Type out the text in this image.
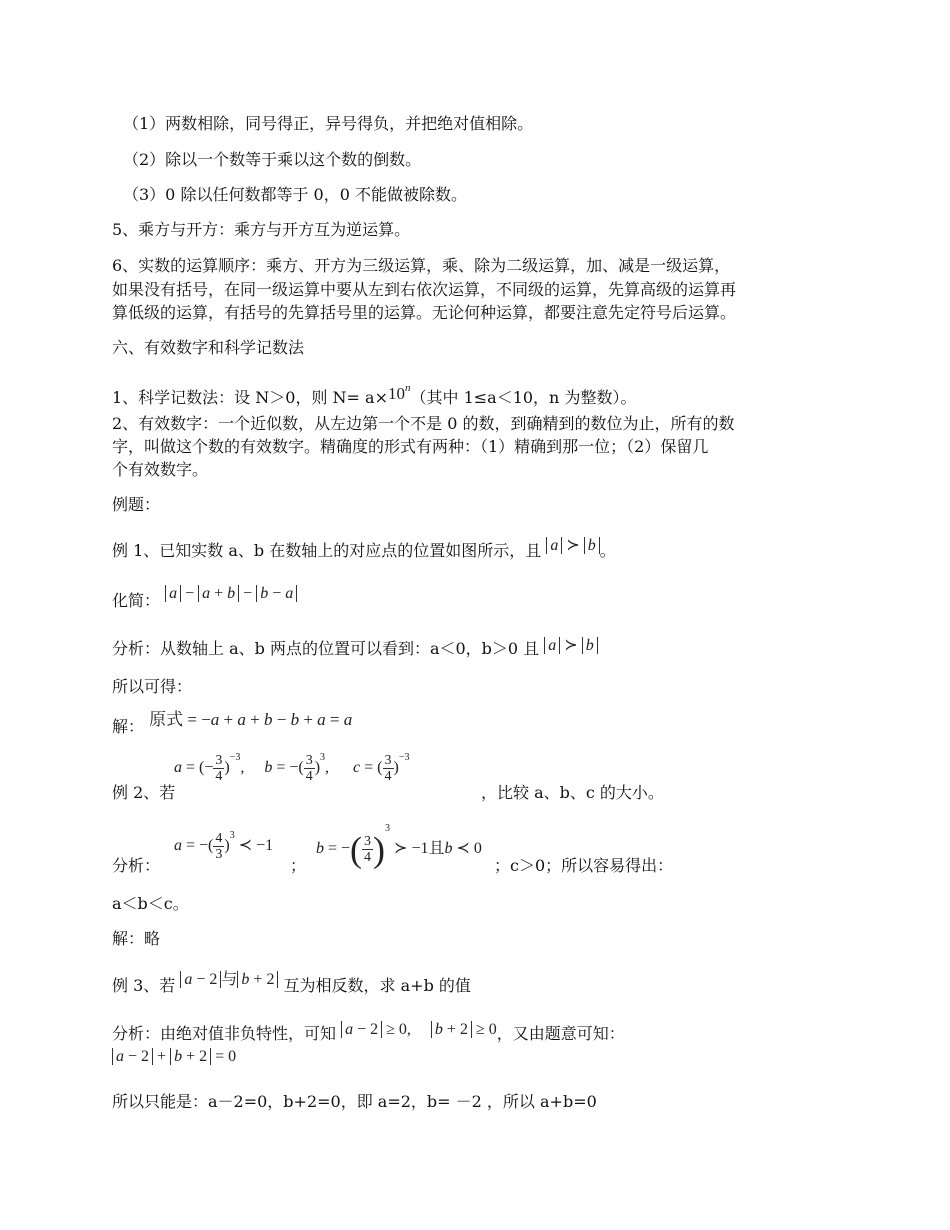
（1）两数相除，同号得正，异号得负，并把绝对值相除。
（2）除以一个数等于乘以这个数的倒数。
（3）0 除以任何数都等于 0，0 不能做被除数。
5、乘方与开方：乘方与开方互为逆运算。
6、实数的运算顺序：乘方、开方为三级运算，乘、除为二级运算，加、减是一级运算，
如果没有括号，在同一级运算中要从左到右依次运算，不同级的运算，先算高级的运算再
算低级的运算，有括号的先算括号里的运算。无论何种运算，都要注意先定符号后运算。
六、有效数字和科学记数法
1、科学记数法：设 N＞0，则 $N= a\times 10^n$（其中 1≤a＜10，n 为整数）。
2、有效数字：一个近似数，从左边第一个不是 0 的数，到确精到的数位为止，所有的数
字，叫做这个数的有效数字。精确度的形式有两种：（1）精确到那一位；（2）保留几
个有效数字。
例题：
例 1、已知实数 a、b 在数轴上的对应点的位置如图所示，且 a ≻ b 。
化简： a − a + b − b − a
分析：从数轴上 a、b 两点的位置可以看到：a＜0，b＞0 且 a ≻ b
所以可得：
解： 原式 = −a + a + b − b + a = a
例 2、若
a = (− $\frac{3}{4} )^{-3}$,     b = −( $\frac{3}{4} )^3$,      c = ( $\frac{3}{4} )^{-3}$
，比较 a、b、c 的大小。
分析：
a = −( $\frac{4}{3} )^3$ ≺ −1
；
b = −( $\frac{3}{4} )^3$ ≻ −1且b ≺ 0
；c＞0；所以容易得出：
a＜b＜c。
解：略
例 3、若 a − 2 与 b + 2 互为相反数，求 a+b 的值
分析：由绝对值非负特性，可知 a − 2 ≥ 0,     b + 2 ≥ 0，又由题意可知：
a − 2 + b + 2 = 0
所以只能是：a－2=0，b+2=0，即 a=2，b= －2 ，所以 a+b=0
